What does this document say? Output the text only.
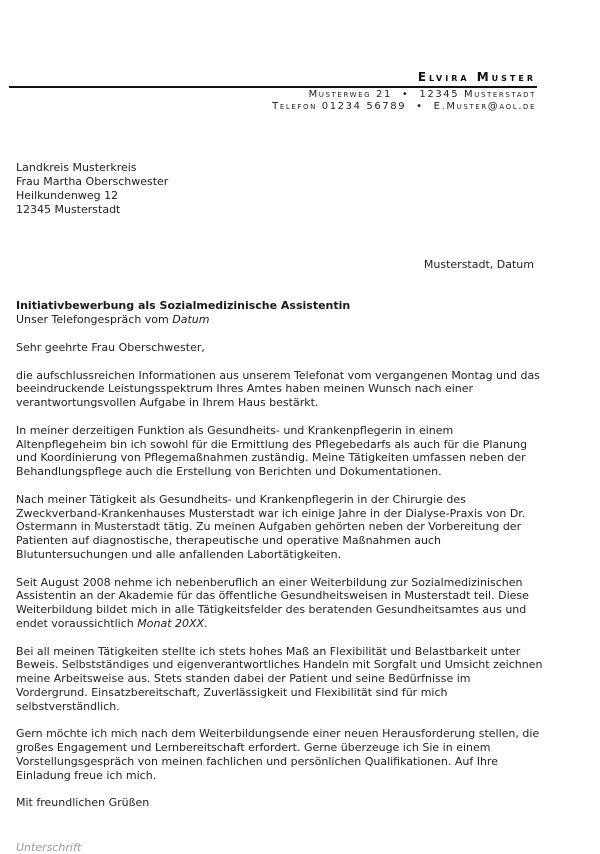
Elvira Muster
Musterweg 21 • 12345 Musterstadt
Telefon 01234 56789 • E.Muster@aol.de
Landkreis Musterkreis
Frau Martha Oberschwester
Heilkundenweg 12
12345 Musterstadt
Musterstadt, Datum
Initiativbewerbung als Sozialmedizinische Assistentin
Unser Telefongespräch vom Datum

Sehr geehrte Frau Oberschwester,

die aufschlussreichen Informationen aus unserem Telefonat vom vergangenen Montag und das beeindruckende Leistungsspektrum Ihres Amtes haben meinen Wunsch nach einer verantwortungsvollen Aufgabe in Ihrem Haus bestärkt.

In meiner derzeitigen Funktion als Gesundheits- und Krankenpflegerin in einem Altenpflegeheim bin ich sowohl für die Ermittlung des Pflegebedarfs als auch für die Planung und Koordinierung von Pflegemaßnahmen zuständig. Meine Tätigkeiten umfassen neben der Behandlungspflege auch die Erstellung von Berichten und Dokumentationen.

Nach meiner Tätigkeit als Gesundheits- und Krankenpflegerin in der Chirurgie des Zweckverband-Krankenhauses Musterstadt war ich einige Jahre in der Dialyse-Praxis von Dr. Ostermann in Musterstadt tätig. Zu meinen Aufgaben gehörten neben der Vorbereitung der Patienten auf diagnostische, therapeutische und operative Maßnahmen auch Blutuntersuchungen und alle anfallenden Labortätigkeiten.

Seit August 2008 nehme ich nebenberuflich an einer Weiterbildung zur Sozialmedizinischen Assistentin an der Akademie für das öffentliche Gesundheitsweisen in Musterstadt teil. Diese Weiterbildung bildet mich in alle Tätigkeitsfelder des beratenden Gesundheitsamtes aus und endet voraussichtlich Monat 20XX.

Bei all meinen Tätigkeiten stellte ich stets hohes Maß an Flexibilität und Belastbarkeit unter Beweis. Selbstständiges und eigenverantwortliches Handeln mit Sorgfalt und Umsicht zeichnen meine Arbeitsweise aus. Stets standen dabei der Patient und seine Bedürfnisse im Vordergrund. Einsatzbereitschaft, Zuverlässigkeit und Flexibilität sind für mich selbstverständlich.

Gern möchte ich mich nach dem Weiterbildungsende einer neuen Herausforderung stellen, die großes Engagement und Lernbereitschaft erfordert. Gerne überzeuge ich Sie in einem Vorstellungsgespräch von meinen fachlichen und persönlichen Qualifikationen. Auf Ihre Einladung freue ich mich.

Mit freundlichen Grüßen

Unterschrift
